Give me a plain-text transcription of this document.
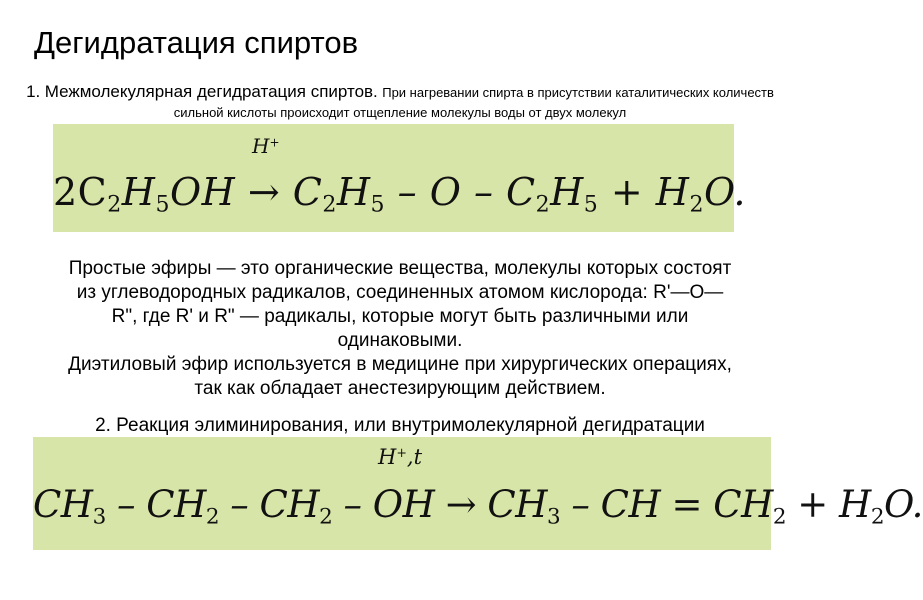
Дегидратация спиртов
1. Межмолекулярная дегидратация спиртов. При нагревании спирта в присутствии каталитических количеств сильной кислоты происходит отщепление молекулы воды от двух молекул
H+
$2C_2H_5OH \to C_2H_5 - O - C_2H_5 + H_2O$.
Простые эфиры — это органические вещества, молекулы которых состоят
из углеводородных радикалов, соединенных атомом кислорода: R'—O—
R", где R' и R" — радикалы, которые могут быть различными или
одинаковыми.
Диэтиловый эфир используется в медицине при хирургических операциях,
так как обладает анестезирующим действием.
2. Реакция элиминирования, или внутримолекулярной дегидратации
H+,t
$CH_3 - CH_2 - CH_2$ – OH → $CH_3$ – CH = $CH_2 + H_2O$.
